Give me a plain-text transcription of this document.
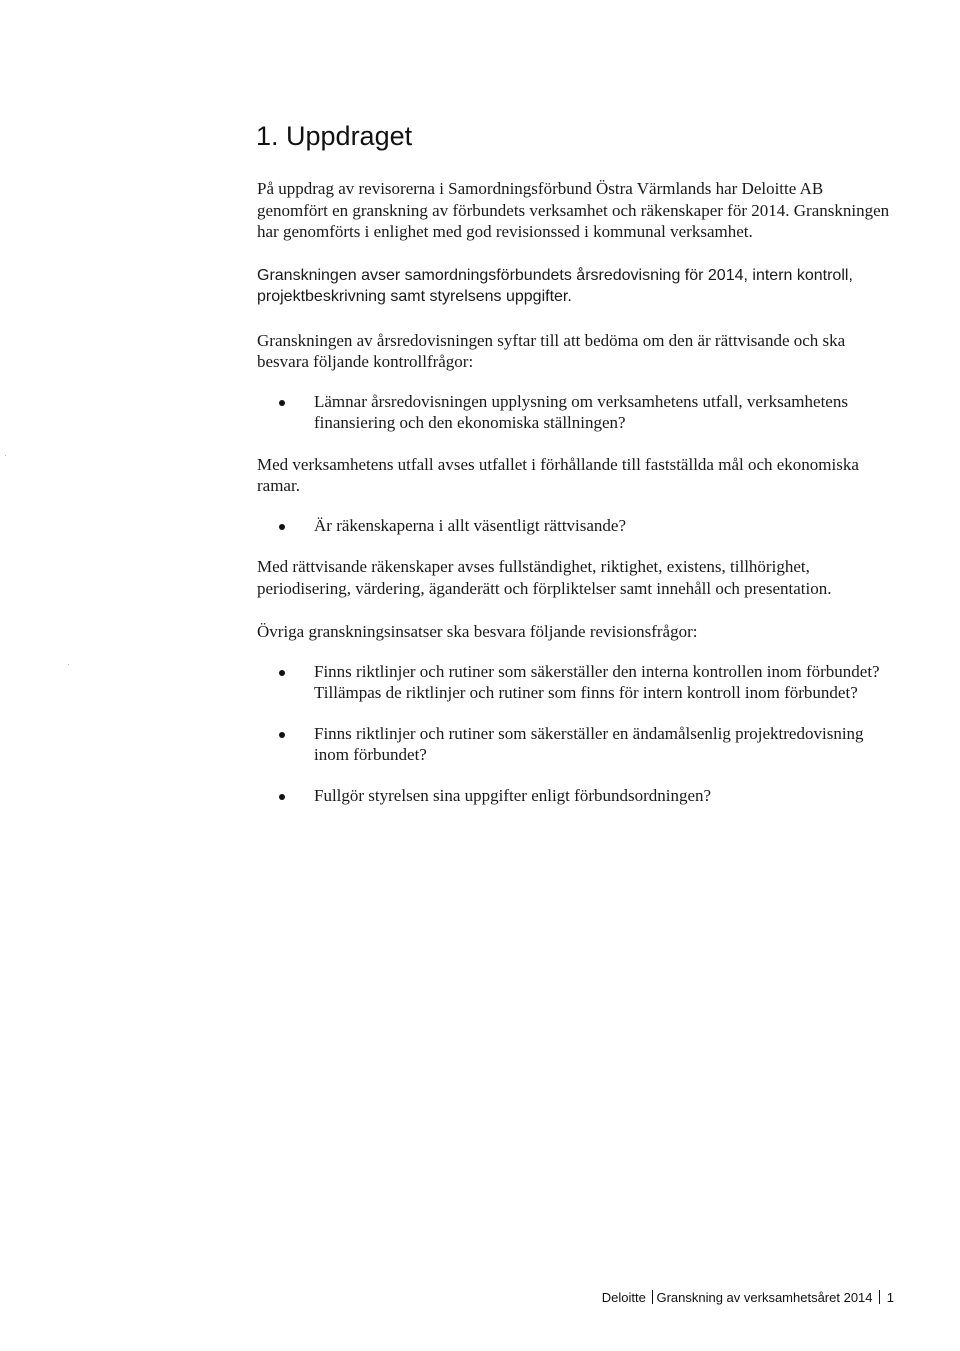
1. Uppdraget

På uppdrag av revisorerna i Samordningsförbund Östra Värmlands har Deloitte AB genomfört en granskning av förbundets verksamhet och räkenskaper för 2014. Granskningen har genomförts i enlighet med god revisionssed i kommunal verksamhet.

Granskningen avser samordningsförbundets årsredovisning för 2014, intern kontroll, projektbeskrivning samt styrelsens uppgifter.

Granskningen av årsredovisningen syftar till att bedöma om den är rättvisande och ska besvara följande kontrollfrågor:

Lämnar årsredovisningen upplysning om verksamhetens utfall, verksamhetens finansiering och den ekonomiska ställningen?

Med verksamhetens utfall avses utfallet i förhållande till fastställda mål och ekonomiska ramar.

Är räkenskaperna i allt väsentligt rättvisande?

Med rättvisande räkenskaper avses fullständighet, riktighet, existens, tillhörighet, periodisering, värdering, äganderätt och förpliktelser samt innehåll och presentation.

Övriga granskningsinsatser ska besvara följande revisionsfrågor:

Finns riktlinjer och rutiner som säkerställer den interna kontrollen inom förbundet? Tillämpas de riktlinjer och rutiner som finns för intern kontroll inom förbundet?
Finns riktlinjer och rutiner som säkerställer en ändamålsenlig projektredovisning inom förbundet?
Fullgör styrelsen sina uppgifter enligt förbundsordningen?
Deloitte Granskning av verksamhetsåret 2014 1
